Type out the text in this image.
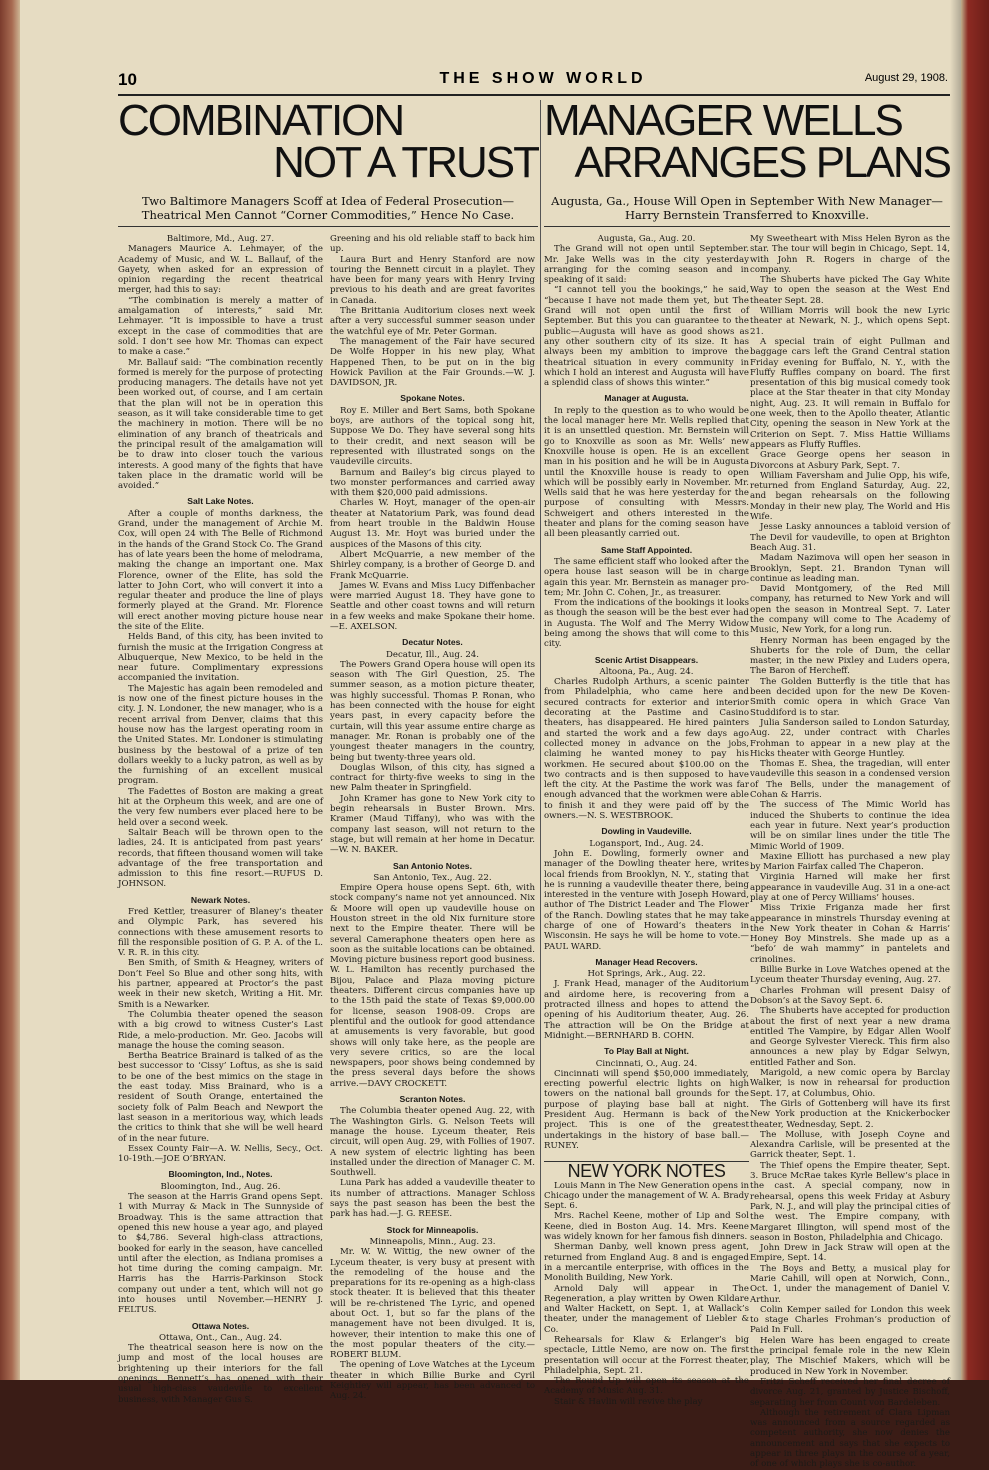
10	THE SHOW WORLD	August 29, 1908.
COMBINATION
NOT A TRUST
MANAGER WELLS
ARRANGES PLANS
Two Baltimore Managers Scoff at Idea of Federal Prosecution—Theatrical Men Cannot “Corner Commodities,” Hence No Case.
Augusta, Ga., House Will Open in September With New Manager—Harry Bernstein Transferred to Knoxville.

Baltimore, Md., Aug. 27.

Managers Maurice A. Lehmayer, of the Academy of Music, and W. L. Ballauf, of the Gayety, when asked for an expression of opinion regarding the recent theatrical merger, had this to say:

“The combination is merely a matter of amalgamation of interests,” said Mr. Lehmayer. “It is impossible to have a trust except in the case of commodities that are sold. I don’t see how Mr. Thomas can expect to make a case.”

Mr. Ballauf said: “The combination recently formed is merely for the purpose of protecting producing managers. The details have not yet been worked out, of course, and I am certain that the plan will not be in operation this season, as it will take considerable time to get the machinery in motion. There will be no elimination of any branch of theatricals and the principal result of the amalgamation will be to draw into closer touch the various interests. A good many of the fights that have taken place in the dramatic world will be avoided.”

Salt Lake Notes.

After a couple of months darkness, the Grand, under the management of Archie M. Cox, will open 24 with The Belle of Richmond in the hands of the Grand Stock Co. The Grand has of late years been the home of melodrama, making the change an important one. Max Florence, owner of the Elite, has sold the latter to John Cort, who will convert it into a regular theater and produce the line of plays formerly played at the Grand. Mr. Florence will erect another moving picture house near the site of the Elite.

Helds Band, of this city, has been invited to furnish the music at the Irrigation Congress at Albuquerque, New Mexico, to be held in the near future. Complimentary expressions accompanied the invitation.

The Majestic has again been remodeled and is now one of the finest picture houses in the city. J. N. Londoner, the new manager, who is a recent arrival from Denver, claims that this house now has the largest operating room in the United States. Mr. Londoner is stimulating business by the bestowal of a prize of ten dollars weekly to a lucky patron, as well as by the furnishing of an excellent musical program.

The Fadettes of Boston are making a great hit at the Orpheum this week, and are one of the very few numbers ever placed here to be held over a second week.

Saltair Beach will be thrown open to the ladies, 24. It is anticipated from past years’ records, that fifteen thousand women will take advantage of the free transportation and admission to this fine resort.—RUFUS D. JOHNSON.

Newark Notes.

Fred Kettler, treasurer of Blaney’s theater and Olympic Park, has severed his connections with these amusement resorts to fill the responsible position of G. P. A. of the L. V. R. R. in this city.

Ben Smith, of Smith & Heagney, writers of Don’t Feel So Blue and other song hits, with his partner, appeared at Proctor’s the past week in their new sketch, Writing a Hit. Mr. Smith is a Newarker.

The Columbia theater opened the season with a big crowd to witness Custer’s Last Ride, a melo-production. Mr. Geo. Jacobs will manage the house the coming season.

Bertha Beatrice Brainard is talked of as the best successor to ‘Cissy’ Loftus, as she is said to be one of the best mimics on the stage in the east today. Miss Brainard, who is a resident of South Orange, entertained the society folk of Palm Beach and Newport the last season in a meritorious way, which leads the critics to think that she will be well heard of in the near future.

Essex County Fair—A. W. Nellis, Secy., Oct. 10-19th.—JOE O’BRYAN.

Bloomington, Ind., Notes.

Bloomington, Ind., Aug. 26.

The season at the Harris Grand opens Sept. 1 with Murray & Mack in The Sunnyside of Broadway. This is the same attraction that opened this new house a year ago, and played to $4,786. Several high-class attractions, booked for early in the season, have cancelled until after the election, as Indiana promises a hot time during the coming campaign. Mr. Harris has the Harris-Parkinson Stock company out under a tent, which will not go into houses until November.—HENRY J. FELTUS.

Ottawa Notes.

Ottawa, Ont., Can., Aug. 24.

The theatrical season here is now on the jump and most of the local houses are brightening up their interiors for the fall openings. Bennett’s has opened with their usual high-class vaudeville to excellent business, with Manager Gus S.

Greening and his old reliable staff to back him up.

Laura Burt and Henry Stanford are now touring the Bennett circuit in a playlet. They have been for many years with Henry Irving previous to his death and are great favorites in Canada.

The Brittania Auditorium closes next week after a very successful summer season under the watchful eye of Mr. Peter Gorman.

The management of the Fair have secured De Wolfe Hopper in his new play, What Happened Then, to be put on in the big Howick Pavilion at the Fair Grounds.—W. J. DAVIDSON, JR.

Spokane Notes.

Roy E. Miller and Bert Sams, both Spokane boys, are authors of the topical song hit, Suppose We Do. They have several song hits to their credit, and next season will be represented with illustrated songs on the vaudeville circuits.

Barnum and Bailey’s big circus played to two monster performances and carried away with them $20,000 paid admissions.

Charles W. Hoyt, manager of the open-air theater at Natatorium Park, was found dead from heart trouble in the Baldwin House August 13. Mr. Hoyt was buried under the auspices of the Masons of this city.

Albert McQuarrie, a new member of the Shirley company, is a brother of George D. and Frank McQuarrie.

James W. Evans and Miss Lucy Diffenbacher were married August 18. They have gone to Seattle and other coast towns and will return in a few weeks and make Spokane their home.—E. AXELSON.

Decatur Notes.

Decatur, Ill., Aug. 24.

The Powers Grand Opera house will open its season with The Girl Question, 25. The summer season, as a motion picture theater, was highly successful. Thomas P. Ronan, who has been connected with the house for eight years past, in every capacity before the curtain, will this year assume entire charge as manager. Mr. Ronan is probably one of the youngest theater managers in the country, being but twenty-three years old.

Douglas Wilson, of this city, has signed a contract for thirty-five weeks to sing in the new Palm theater in Springfield.

John Kramer has gone to New York city to begin rehearsals in Buster Brown. Mrs. Kramer (Maud Tiffany), who was with the company last season, will not return to the stage, but will remain at her home in Decatur.—W. N. BAKER.

San Antonio Notes.

San Antonio, Tex., Aug. 22.

Empire Opera house opens Sept. 6th, with stock company’s name not yet announced. Nix & Moore will open up vaudeville house on Houston street in the old Nix furniture store next to the Empire theater. There will be several Cameraphone theaters open here as soon as the suitable locations can be obtained. Moving picture business report good business. W. L. Hamilton has recently purchased the Bijou, Palace and Plaza moving picture theaters. Different circus companies have up to the 15th paid the state of Texas $9,000.00 for license, season 1908-09. Crops are plentiful and the outlook for good attendance at amusements is very favorable, but good shows will only take here, as the people are very severe critics, so are the local newspapers, poor shows being condemned by the press several days before the shows arrive.—DAVY CROCKETT.

Scranton Notes.

The Columbia theater opened Aug. 22, with The Washington Girls. G. Nelson Teets will manage the house. Lyceum theater, Reis circuit, will open Aug. 29, with Follies of 1907. A new system of electric lighting has been installed under the direction of Manager C. M. Southwell.

Luna Park has added a vaudeville theater to its number of attractions. Manager Schloss says the past season has been the best the park has had.—J. G. REESE.

Stock for Minneapolis.

Minneapolis, Minn., Aug. 23.

Mr. W. W. Wittig, the new owner of the Lyceum theater, is very busy at present with the remodeling of the house and the preparations for its re-opening as a high-class stock theater. It is believed that this theater will be re-christened The Lyric, and opened about Oct. 1, but so far the plans of the management have not been divulged. It is, however, their intention to make this one of the most popular theaters of the city.—ROBERT BLUM.

The opening of Love Watches at the Lyceum theater in which Billie Burke and Cyril Keightley will appear, has been advanced to Aug. 24.

Augusta, Ga., Aug. 20.

The Grand will not open until September. Mr. Jake Wells was in the city yesterday arranging for the coming season and in speaking of it said:

“I cannot tell you the bookings,” he said, “because I have not made them yet, but The Grand will not open until the first of September. But this you can guarantee to the public—Augusta will have as good shows as any other southern city of its size. It has always been my ambition to improve the theatrical situation in every community in which I hold an interest and Augusta will have a splendid class of shows this winter.”

Manager at Augusta.

In reply to the question as to who would be the local manager here Mr. Wells replied that it is an unsettled question. Mr. Bernstein will go to Knoxville as soon as Mr. Wells’ new Knoxville house is open. He is an excellent man in his position and he will be in Augusta until the Knoxville house is ready to open which will be possibly early in November. Mr. Wells said that he was here yesterday for the purpose of consulting with Messrs. Schweigert and others interested in the theater and plans for the coming season have all been pleasantly carried out.

Same Staff Appointed.

The same efficient staff who looked after the opera house last season will be in charge again this year. Mr. Bernstein as manager pro-tem; Mr. John C. Cohen, Jr., as treasurer.

From the indications of the bookings it looks as though the season will be the best ever had in Augusta. The Wolf and The Merry Widow being among the shows that will come to this city.

Scenic Artist Disappears.

Altoona, Pa., Aug. 24.

Charles Rudolph Arthurs, a scenic painter from Philadelphia, who came here and secured contracts for exterior and interior decorating at the Pastime and Casino theaters, has disappeared. He hired painters and started the work and a few days ago collected money in advance on the jobs, claiming he wanted money to pay his workmen. He secured about $100.00 on the two contracts and is then supposed to have left the city. At the Pastime the work was far enough advanced that the workmen were able to finish it and they were paid off by the owners.—N. S. WESTBROOK.

Dowling in Vaudeville.

Logansport, Ind., Aug. 24.

John E. Dowling, formerly owner and manager of the Dowling theater here, writes local friends from Brooklyn, N. Y., stating that he is running a vaudeville theater there, being interested in the venture with Joseph Howard, author of The District Leader and The Flower of the Ranch. Dowling states that he may take charge of one of Howard’s theaters in Wisconsin. He says he will be home to vote.—PAUL WARD.

Manager Head Recovers.

Hot Springs, Ark., Aug. 22.

J. Frank Head, manager of the Auditorium and airdome here, is recovering from a protracted illness and hopes to attend the opening of his Auditorium theater, Aug. 26. The attraction will be On the Bridge at Midnight.—BERNHARD B. COHN.

To Play Ball at Night.

Cincinnati, O., Aug. 24.

Cincinnati will spend $50,000 immediately, erecting powerful electric lights on high towers on the national ball grounds for the purpose of playing base ball at night. President Aug. Hermann is back of the project. This is one of the greatest undertakings in the history of base ball.—RUNEY.

NEW YORK NOTES

Louis Mann in The New Generation opens in Chicago under the management of W. A. Brady Sept. 6.

Mrs. Rachel Keene, mother of Lip and Sol Keene, died in Boston Aug. 14. Mrs. Keene was widely known for her famous fish dinners.

Sherman Danby, well known press agent, returned from England Aug. 8 and is engaged in a mercantile enterprise, with offices in the Monolith Building, New York.

Arnold Daly will appear in The Regeneration, a play written by Owen Kildare and Walter Hackett, on Sept. 1, at Wallack’s theater, under the management of Liebler & Co.

Rehearsals for Klaw & Erlanger’s big spectacle, Little Nemo, are now on. The first presentation will occur at the Forrest theater, Philadelphia, Sept. 21.

The Round Up will open its season at the Academy of Music Aug. 31.

Stair & Havlin will revive the play

My Sweetheart with Miss Helen Byron as the star. The tour will begin in Chicago, Sept. 14, with John R. Rogers in charge of the company.

The Shuberts have picked The Gay White Way to open the season at the West End theater Sept. 28.

William Morris will book the new Lyric theater at Newark, N. J., which opens Sept. 21.

A special train of eight Pullman and baggage cars left the Grand Central station Friday evening for Buffalo, N. Y., with the Fluffy Ruffles company on board. The first presentation of this big musical comedy took place at the Star theater in that city Monday night, Aug. 23. It will remain in Buffalo for one week, then to the Apollo theater, Atlantic City, opening the season in New York at the Criterion on Sept. 7. Miss Hattie Williams appears as Fluffy Ruffles.

Grace George opens her season in Divorcons at Asbury Park, Sept. 7.

William Faversham and Julie Opp, his wife, returned from England Saturday, Aug. 22, and began rehearsals on the following Monday in their new play, The World and His Wife.

Jesse Lasky announces a tabloid version of The Devil for vaudeville, to open at Brighton Beach Aug. 31.

Madam Nazimova will open her season in Brooklyn, Sept. 21. Brandon Tynan will continue as leading man.

David Montgomery, of the Red Mill company, has returned to New York and will open the season in Montreal Sept. 7. Later the company will come to The Academy of Music, New York, for a long run.

Henry Norman has been engaged by the Shuberts for the role of Dum, the cellar master, in the new Pixley and Luders opera, The Baron of Hercheff.

The Golden Butterfly is the title that has been decided upon for the new De Koven-Smith comic opera in which Grace Van Studdiford is to star.

Julia Sanderson sailed to London Saturday, Aug. 22, under contract with Charles Frohman to appear in a new play at the Hicks theater with George Huntley.

Thomas E. Shea, the tragedian, will enter vaudeville this season in a condensed version of The Bells, under the management of Cohan & Harris.

The success of The Mimic World has induced the Shuberts to continue the idea each year in future. Next year’s production will be on similar lines under the title The Mimic World of 1909.

Maxine Elliott has purchased a new play by Marion Fairfax called The Chaperon.

Virginia Harned will make her first appearance in vaudeville Aug. 31 in a one-act play at one of Percy Williams’ houses.

Miss Trixie Friganza made her first appearance in minstrels Thursday evening at the New York theater in Cohan & Harris’ Honey Boy Minstrels. She made up as a “befo’ de wah mammy” in pantelets and crinolines.

Billie Burke in Love Watches opened at the Lyceum theater Thursday evening, Aug. 27.

Charles Frohman will present Daisy of Dobson’s at the Savoy Sept. 6.

The Shuberts have accepted for production about the first of next year a new drama entitled The Vampire, by Edgar Allen Woolf and George Sylvester Viereck. This firm also announces a new play by Edgar Selwyn, entitled Father and Son.

Marigold, a new comic opera by Barclay Walker, is now in rehearsal for production Sept. 17, at Columbus, Ohio.

The Girls of Gottenberg will have its first New York production at the Knickerbocker theater, Wednesday, Sept. 2.

The Molluse, with Joseph Coyne and Alexandra Carlisle, will be presented at the Garrick theater, Sept. 1.

The Thief opens the Empire theater, Sept. 3. Bruce McRae takes Kyrle Bellew’s place in the cast. A special company, now in rehearsal, opens this week Friday at Asbury Park, N. J., and will play the principal cities of the west. The Empire company, with Margaret Illington, will spend most of the season in Boston, Philadelphia and Chicago.

John Drew in Jack Straw will open at the Empire, Sept. 14.

The Boys and Betty, a musical play for Marie Cahill, will open at Norwich, Conn., Oct. 1, under the management of Daniel V. Arthur.

Colin Kemper sailed for London this week to stage Charles Frohman’s production of Paid In Full.

Helen Ware has been engaged to create the principal female role in the new Klein play, The Mischief Makers, which will be produced in New York in November.

Fritzi Scheff received her final decree of divorce Aug. 21, granted by Justice Bischoff, separating her from Count von Bardeleben.

Although the retirement of Clara Lipman was announced from a source regarded as competent authority, she now denies the announcement and says that she expects to appear in three plays in the course of a year, of one of which plays she is co-author.
